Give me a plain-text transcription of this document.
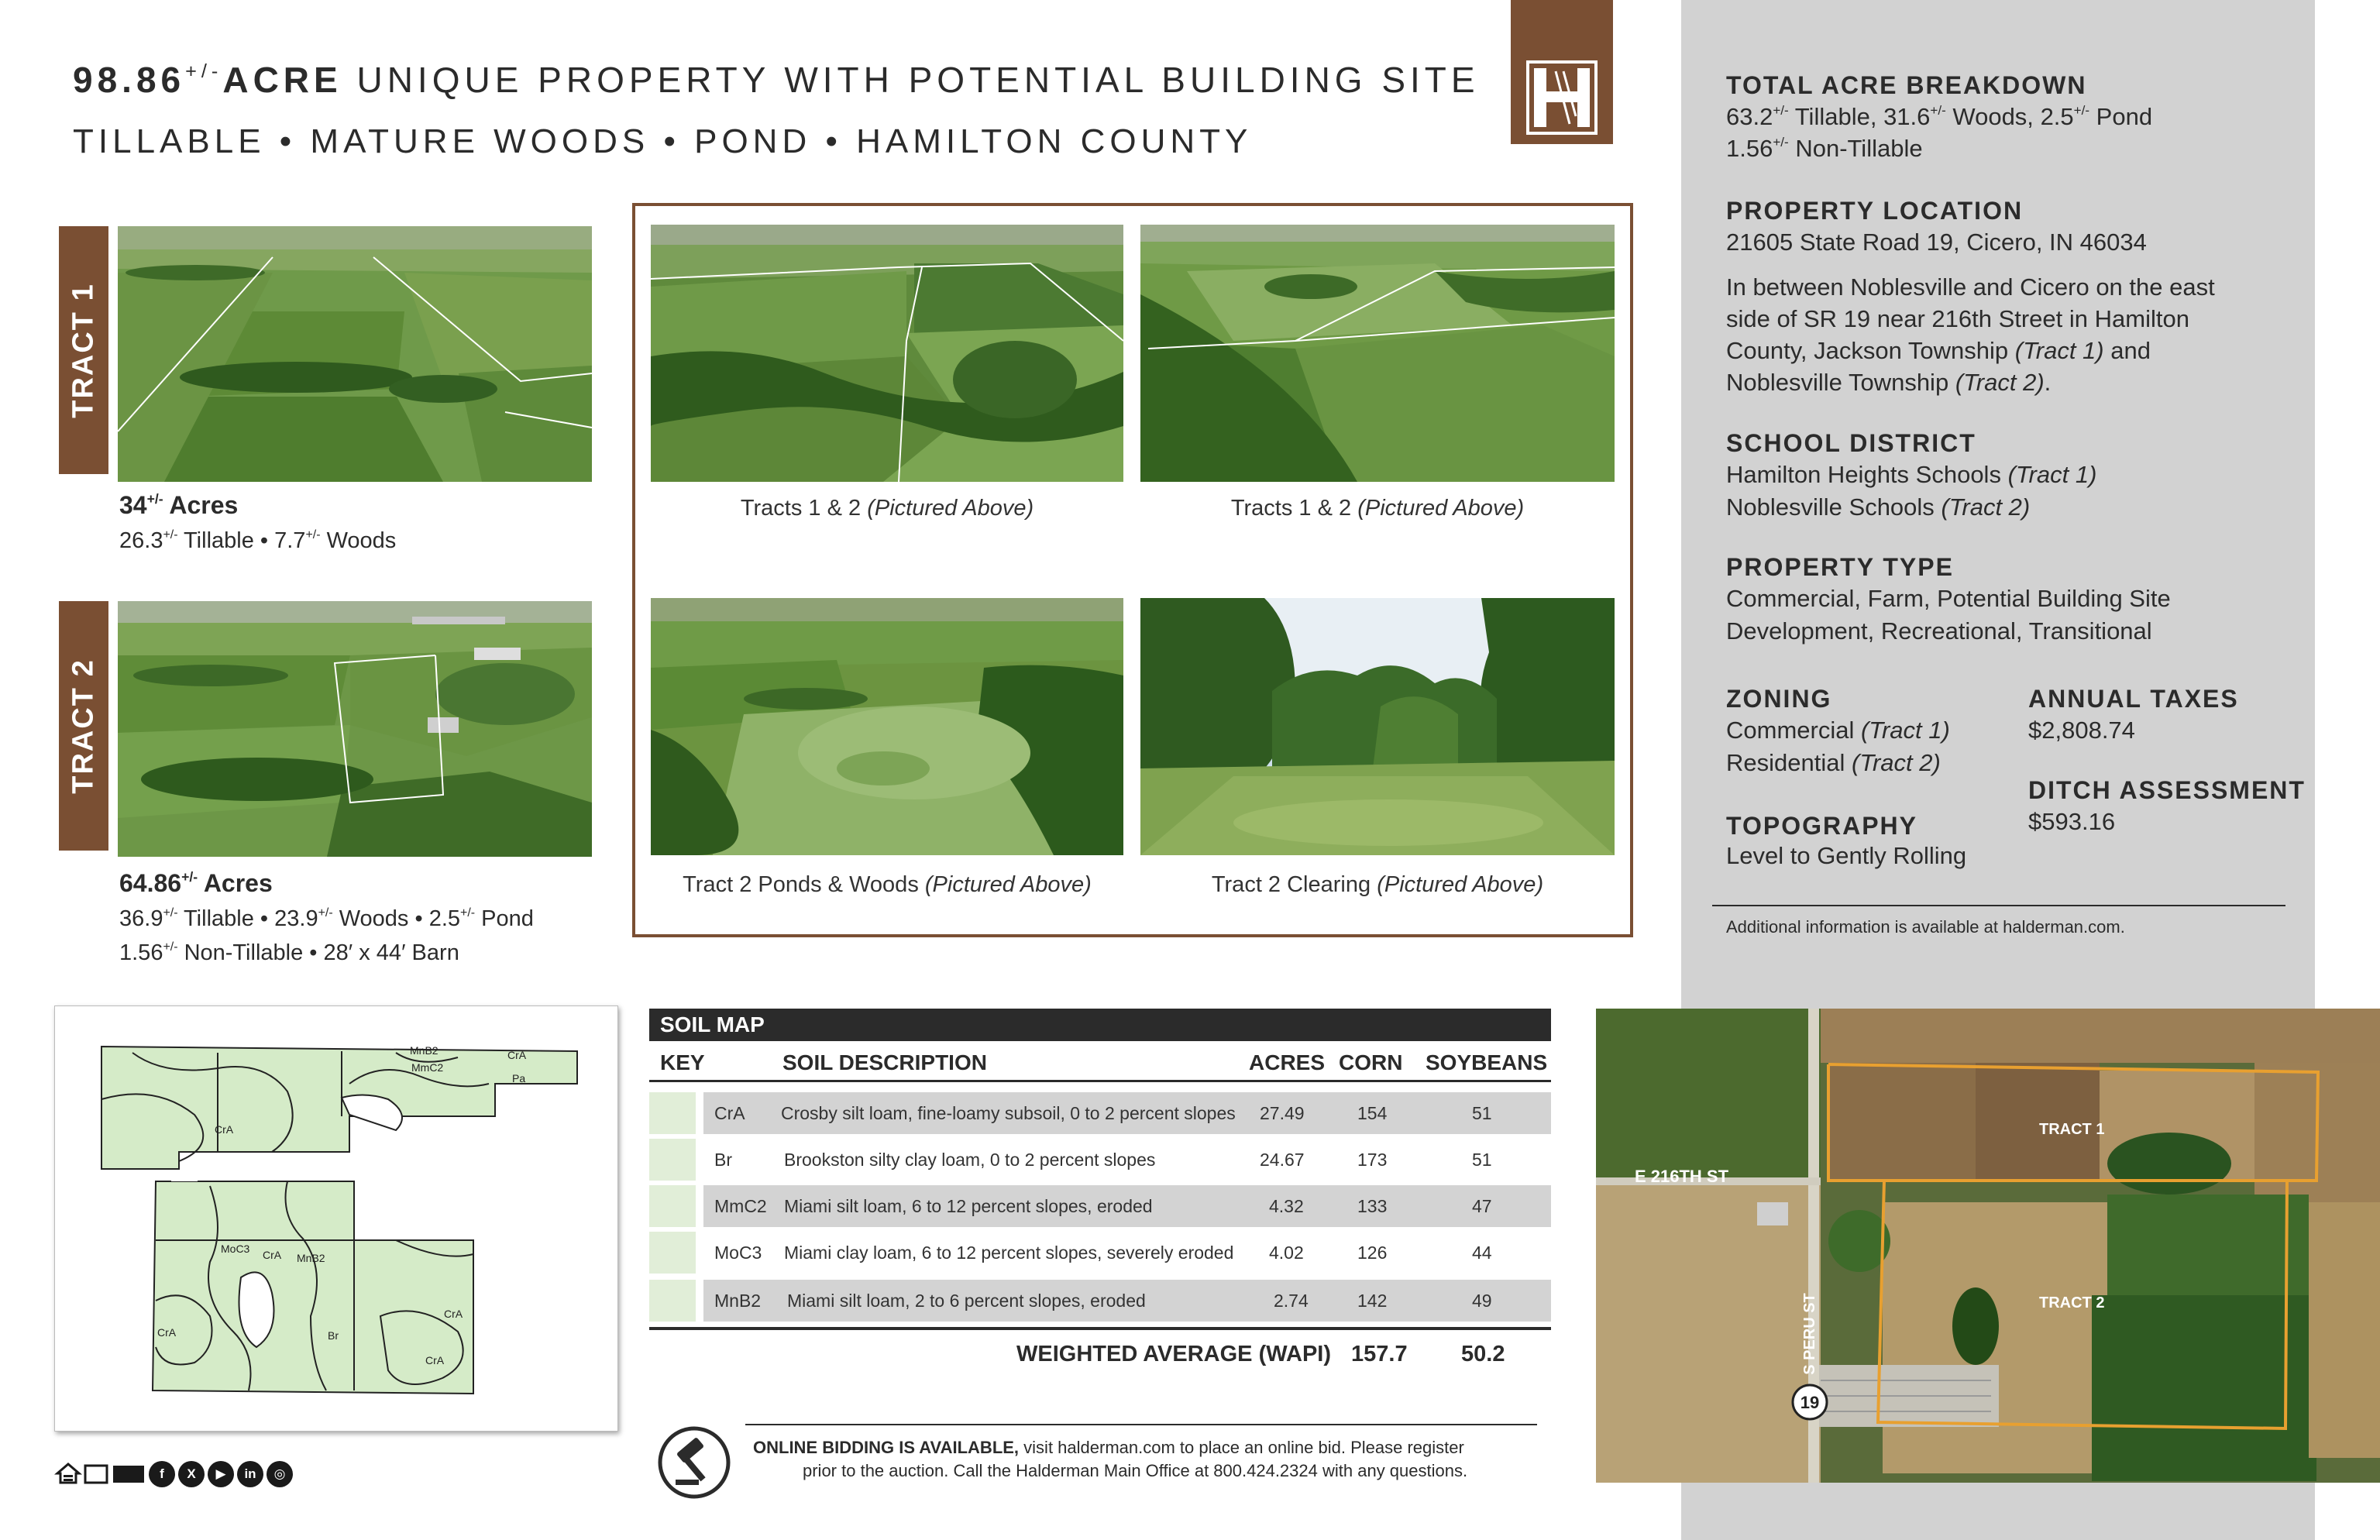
98.86+/-ACRE UNIQUE PROPERTY WITH POTENTIAL BUILDING SITE
TILLABLE • MATURE WOODS • POND • HAMILTON COUNTY
TRACT 1
34+/- Acres
26.3+/- Tillable • 7.7+/- Woods
TRACT 2
64.86+/- Acres
36.9+/- Tillable • 23.9+/- Woods • 2.5+/- Pond
1.56+/- Non-Tillable • 28′ x 44′ Barn
Tracts 1 & 2 (Pictured Above)	Tracts 1 & 2 (Pictured Above)
Tract 2 Ponds & Woods (Pictured Above)	Tract 2 Clearing (Pictured Above)
TOTAL ACRE BREAKDOWN
63.2+/- Tillable, 31.6+/- Woods, 2.5+/- Pond
1.56+/- Non-Tillable
PROPERTY LOCATION
21605 State Road 19, Cicero, IN 46034
In between Noblesville and Cicero on the east side of SR 19 near 216th Street in Hamilton County, Jackson Township (Tract 1) and Noblesville Township (Tract 2).
SCHOOL DISTRICT
Hamilton Heights Schools (Tract 1)
Noblesville Schools (Tract 2)
PROPERTY TYPE
Commercial, Farm, Potential Building Site
Development, Recreational, Transitional
ZONING
Commercial (Tract 1)
Residential (Tract 2)
ANNUAL TAXES
$2,808.74
DITCH ASSESSMENT
$593.16
TOPOGRAPHY
Level to Gently Rolling
Additional information is available at halderman.com.
MnB2
MmC2
CrA
Pa
CrA
MoC3 CrA MnB2
CrA
Br
CrA
CrA
SOIL MAP
KEY	SOIL DESCRIPTION	ACRES CORN SOYBEANS
CrA Crosby silt loam, fine-loamy subsoil, 0 to 2 percent slopes 27.49	154	51
Br	Brookston silty clay loam, 0 to 2 percent slopes	24.67	173	51
MmC2 Miami silt loam, 6 to 12 percent slopes, eroded	4.32	133	47
MoC3 Miami clay loam, 6 to 12 percent slopes, severely eroded 4.02	126	44
MnB2 Miami silt loam, 2 to 6 percent slopes, eroded	2.74	142	49
WEIGHTED AVERAGE (WAPI) 157.7 50.2
ONLINE BIDDING IS AVAILABLE, visit halderman.com to place an online bid. Please register
prior to the auction. Call the Halderman Main Office at 800.424.2324 with any questions.
TRACT 1
TRACT 2
E 216TH ST
S PERU ST
19
f X ▶ in ◎
